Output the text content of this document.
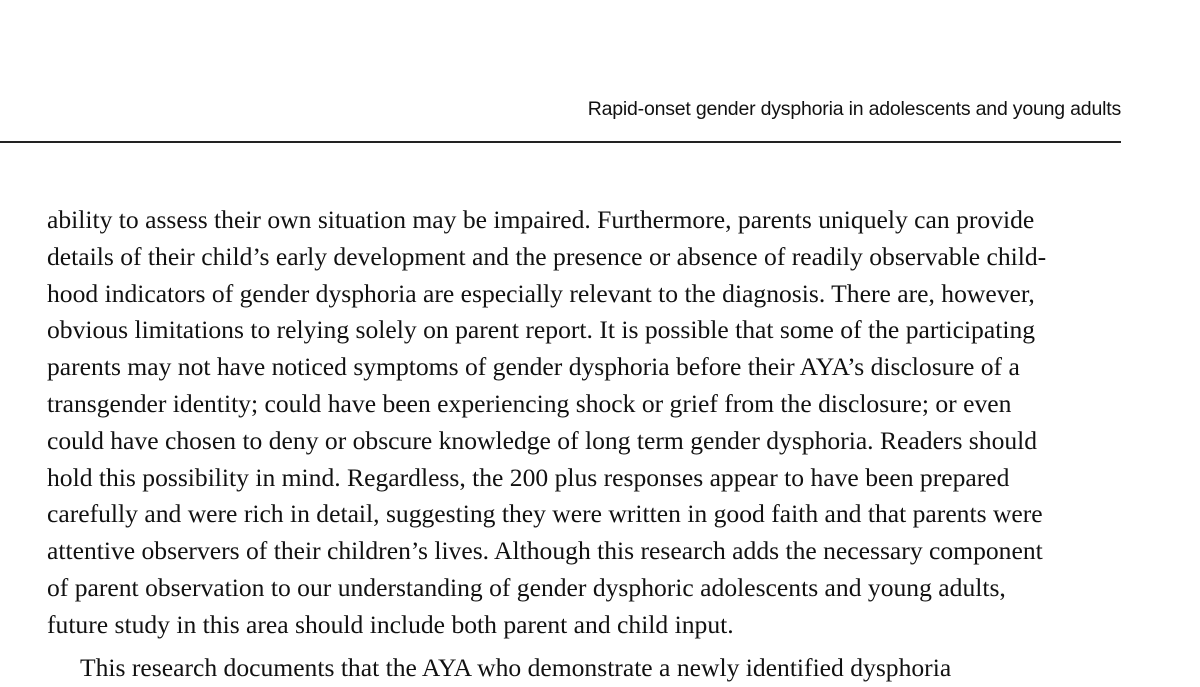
Rapid-onset gender dysphoria in adolescents and young adults
ability to assess their own situation may be impaired. Furthermore, parents uniquely can provide
details of their child’s early development and the presence or absence of readily observable child-
hood indicators of gender dysphoria are especially relevant to the diagnosis. There are, however,
obvious limitations to relying solely on parent report. It is possible that some of the participating
parents may not have noticed symptoms of gender dysphoria before their AYA’s disclosure of a
transgender identity; could have been experiencing shock or grief from the disclosure; or even
could have chosen to deny or obscure knowledge of long term gender dysphoria. Readers should
hold this possibility in mind. Regardless, the 200 plus responses appear to have been prepared
carefully and were rich in detail, suggesting they were written in good faith and that parents were
attentive observers of their children’s lives. Although this research adds the necessary component
of parent observation to our understanding of gender dysphoric adolescents and young adults,
future study in this area should include both parent and child input.
This research documents that the AYA who demonstrate a newly identified dysphoria
